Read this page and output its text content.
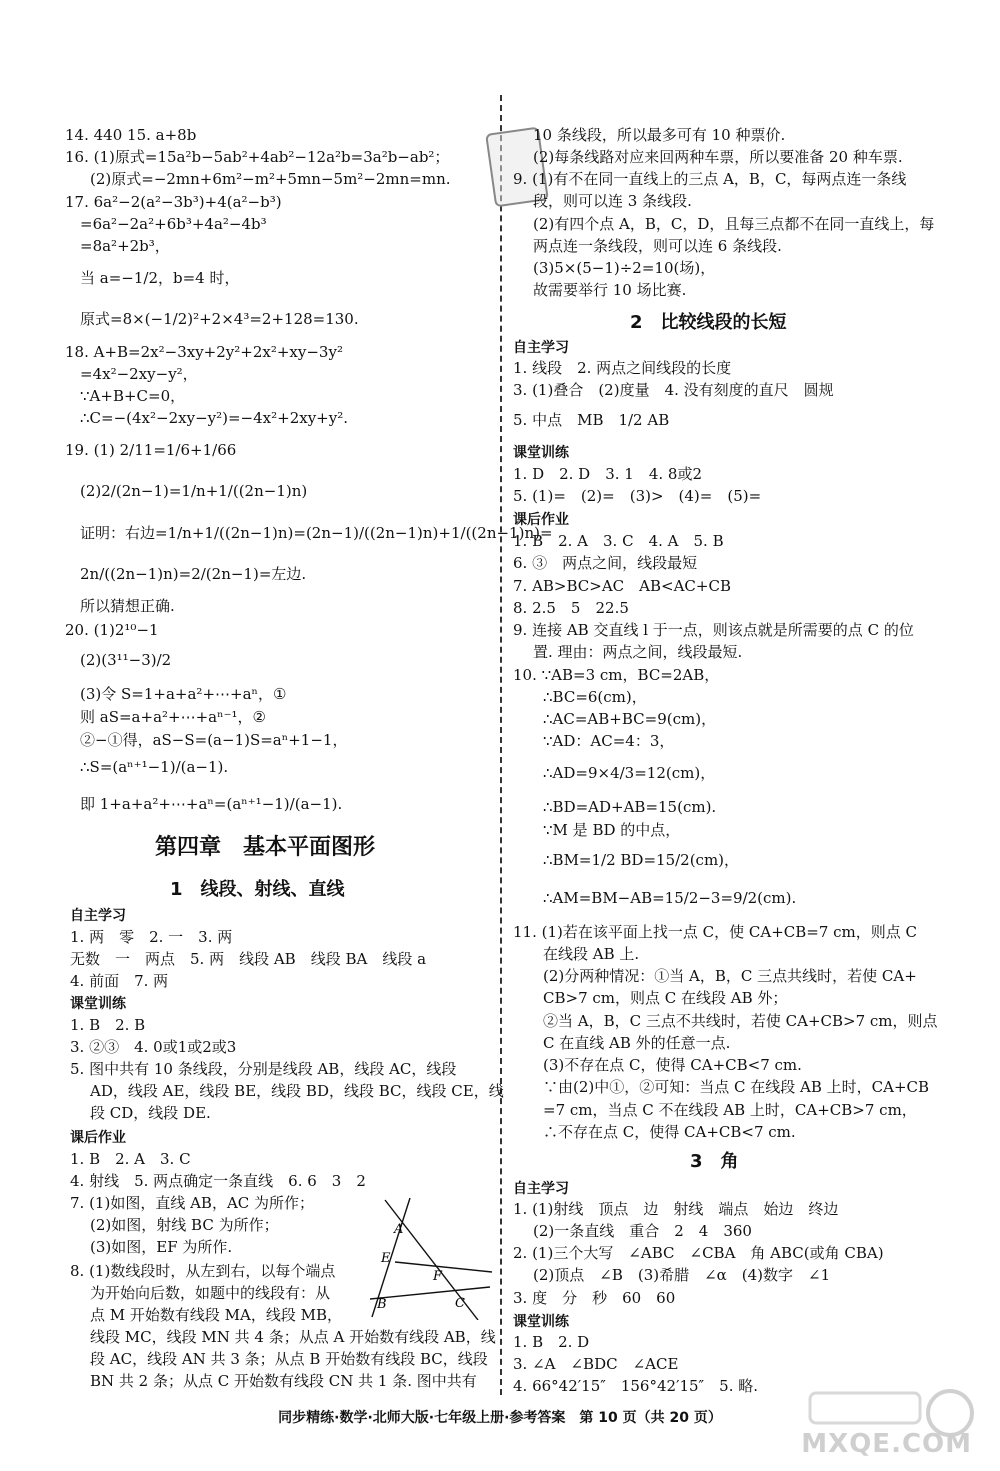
14. 440 15. a+8b
16. (1)原式=15a²b−5ab²+4ab²−12a²b=3a²b−ab²；
(2)原式=−2mn+6m²−m²+5mn−5m²−2mn=mn.
17. 6a²−2(a²−3b³)+4(a²−b³)
=6a²−2a²+6b³+4a²−4b³
=8a²+2b³，
当 a=−1/2，b=4 时，
原式=8×(−1/2)²+2×4³=2+128=130.
18. A+B=2x²−3xy+2y²+2x²+xy−3y²
=4x²−2xy−y²，
∵A+B+C=0，
∴C=−(4x²−2xy−y²)=−4x²+2xy+y².
19. (1) 2/11=1/6+1/66
(2)2/(2n−1)=1/n+1/((2n−1)n)
证明：右边=1/n+1/((2n−1)n)=(2n−1)/((2n−1)n)+1/((2n−1)n)=
2n/((2n−1)n)=2/(2n−1)=左边.
所以猜想正确.
20. (1)2¹⁰−1
(2)(3¹¹−3)/2
(3)令 S=1+a+a²+⋯+aⁿ，①
则 aS=a+a²+⋯+aⁿ⁻¹，②
②−①得，aS−S=(a−1)S=aⁿ+1−1，
∴S=(aⁿ⁺¹−1)/(a−1).
即 1+a+a²+⋯+aⁿ=(aⁿ⁺¹−1)/(a−1).
第四章　基本平面图形
1　线段、射线、直线
自主学习
1. 两　零　2. 一　3. 两
无数　一　两点　5. 两　线段 AB　线段 BA　线段 a
4. 前面　7. 两
课堂训练
1. B　2. B
3. ②③　4. 0或1或2或3
5. 图中共有 10 条线段，分别是线段 AB，线段 AC，线段
AD，线段 AE，线段 BE，线段 BD，线段 BC，线段 CE，线
段 CD，线段 DE.
课后作业
1. B　2. A　3. C
4. 射线　5. 两点确定一条直线　6. 6　3　2
7. (1)如图，直线 AB，AC 为所作；
(2)如图，射线 BC 为所作；
(3)如图，EF 为所作.
8. (1)数线段时，从左到右，以每个端点
为开始向后数，如题中的线段有：从
点 M 开始数有线段 MA，线段 MB，
线段 MC，线段 MN 共 4 条；从点 A 开始数有线段 AB，线
段 AC，线段 AN 共 3 条；从点 B 开始数有线段 BC，线段
BN 共 2 条；从点 C 开始数有线段 CN 共 1 条. 图中共有
A
E
F
B	C
10 条线段，所以最多可有 10 种票价.
(2)每条线路对应来回两种车票，所以要准备 20 种车票.
9. (1)有不在同一直线上的三点 A，B，C，每两点连一条线
段，则可以连 3 条线段.
(2)有四个点 A，B，C，D，且每三点都不在同一直线上，每
两点连一条线段，则可以连 6 条线段.
(3)5×(5−1)÷2=10(场)，
故需要举行 10 场比赛.
2　比较线段的长短
自主学习
1. 线段　2. 两点之间线段的长度
3. (1)叠合　(2)度量　4. 没有刻度的直尺　圆规
5. 中点　MB　1/2 AB
课堂训练
1. D　2. D　3. 1　4. 8或2
5. (1)=　(2)=　(3)>　(4)=　(5)=
课后作业
1. B　2. A　3. C　4. A　5. B
6. ③　两点之间，线段最短
7. AB>BC>AC　AB<AC+CB
8. 2.5　5　22.5
9. 连接 AB 交直线 l 于一点，则该点就是所需要的点 C 的位
置. 理由：两点之间，线段最短.
10. ∵AB=3 cm，BC=2AB，
∴BC=6(cm)，
∴AC=AB+BC=9(cm)，
∵AD：AC=4：3，
∴AD=9×4/3=12(cm)，
∴BD=AD+AB=15(cm).
∵M 是 BD 的中点，
∴BM=1/2 BD=15/2(cm)，
∴AM=BM−AB=15/2−3=9/2(cm).
11. (1)若在该平面上找一点 C，使 CA+CB=7 cm，则点 C
在线段 AB 上.
(2)分两种情况：①当 A，B，C 三点共线时，若使 CA+
CB>7 cm，则点 C 在线段 AB 外；
②当 A，B，C 三点不共线时，若使 CA+CB>7 cm，则点
C 在直线 AB 外的任意一点.
(3)不存在点 C，使得 CA+CB<7 cm.
∵由(2)中①，②可知：当点 C 在线段 AB 上时，CA+CB
=7 cm，当点 C 不在线段 AB 上时，CA+CB>7 cm，
∴不存在点 C，使得 CA+CB<7 cm.
3　角
自主学习
1. (1)射线　顶点　边　射线　端点　始边　终边
(2)一条直线　重合　2　4　360
2. (1)三个大写　∠ABC　∠CBA　角 ABC(或角 CBA)
(2)顶点　∠B　(3)希腊　∠α　(4)数字　∠1
3. 度　分　秒　60　60
课堂训练
1. B　2. D
3. ∠A　∠BDC　∠ACE
4. 66°42′15″　156°42′15″　5. 略.
同步精练·数学·北师大版·七年级上册·参考答案　第 10 页（共 20 页）
MXQE.COM
